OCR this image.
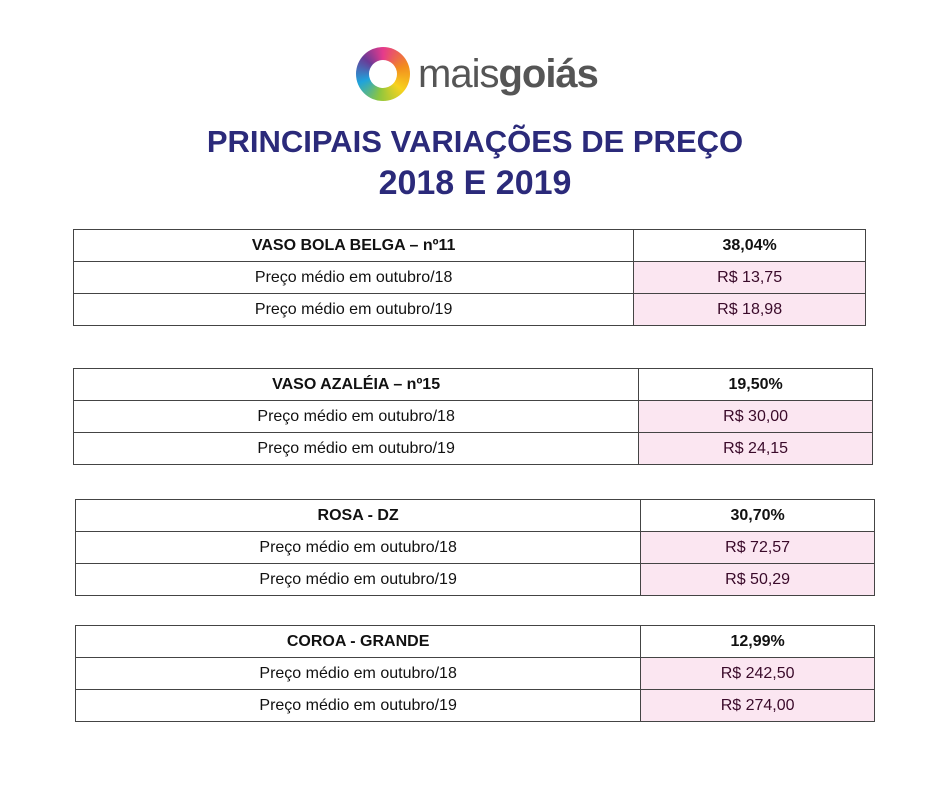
maisgoiás
PRINCIPAIS VARIAÇÕES DE PREÇO
2018 E 2019
VASO BOLA BELGA – nº11	38,04%
Preço médio em outubro/18	R$ 13,75
Preço médio em outubro/19	R$ 18,98
VASO AZALÉIA – nº15	19,50%
Preço médio em outubro/18	R$ 30,00
Preço médio em outubro/19	R$ 24,15
ROSA - DZ	30,70%
Preço médio em outubro/18	R$ 72,57
Preço médio em outubro/19	R$ 50,29
COROA - GRANDE	12,99%
Preço médio em outubro/18	R$ 242,50
Preço médio em outubro/19	R$ 274,00
